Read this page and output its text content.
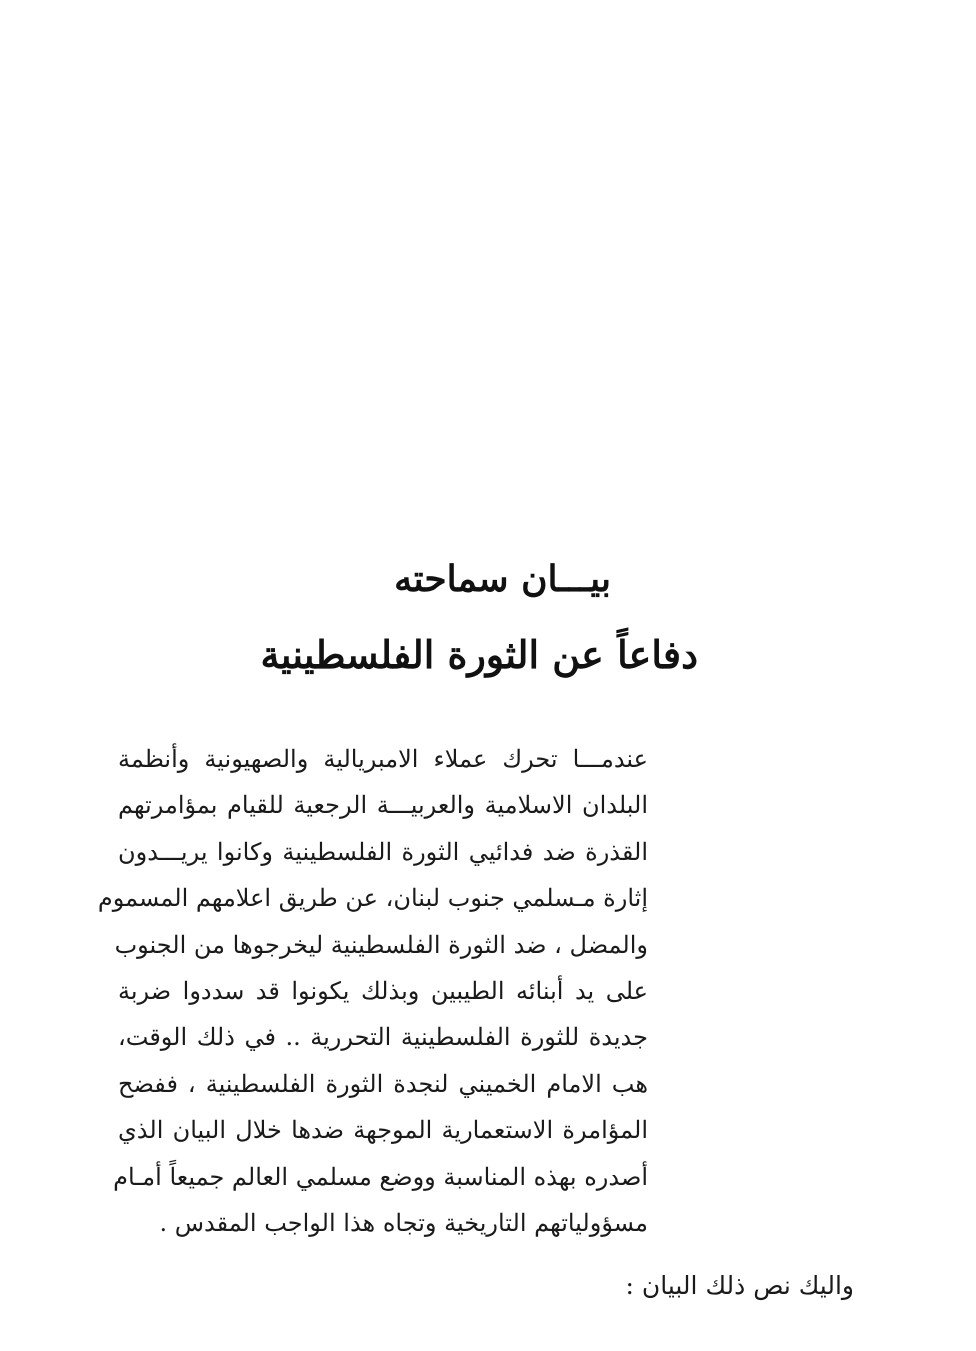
بيـــان سماحته
دفاعاً عن الثورة الفلسطينية
عندمـــا تحرك عملاء الامبريالية والصهيونية وأنظمة
البلدان الاسلامية والعربيـــة الرجعية للقيام بمؤامرتهم
القذرة ضد فدائيي الثورة الفلسطينية وكانوا يريـــدون
إثارة مـسلمي جنوب لبنان، عن طريق اعلامهم المسموم
والمضل ، ضد الثورة الفلسطينية ليخرجوها من الجنوب
على يد أبنائه الطيبين وبذلك يكونوا قد سددوا ضربة
جديدة للثورة الفلسطينية التحررية .. في ذلك الوقت،
هب الامام الخميني لنجدة الثورة الفلسطينية ، ففضح
المؤامرة الاستعمارية الموجهة ضدها خلال البيان الذي
أصدره بهذه المناسبة ووضع مسلمي العالم جميعاً أمـام
مسؤولياتهم التاريخية وتجاه هذا الواجب المقدس .
واليك نص ذلك البيان :
